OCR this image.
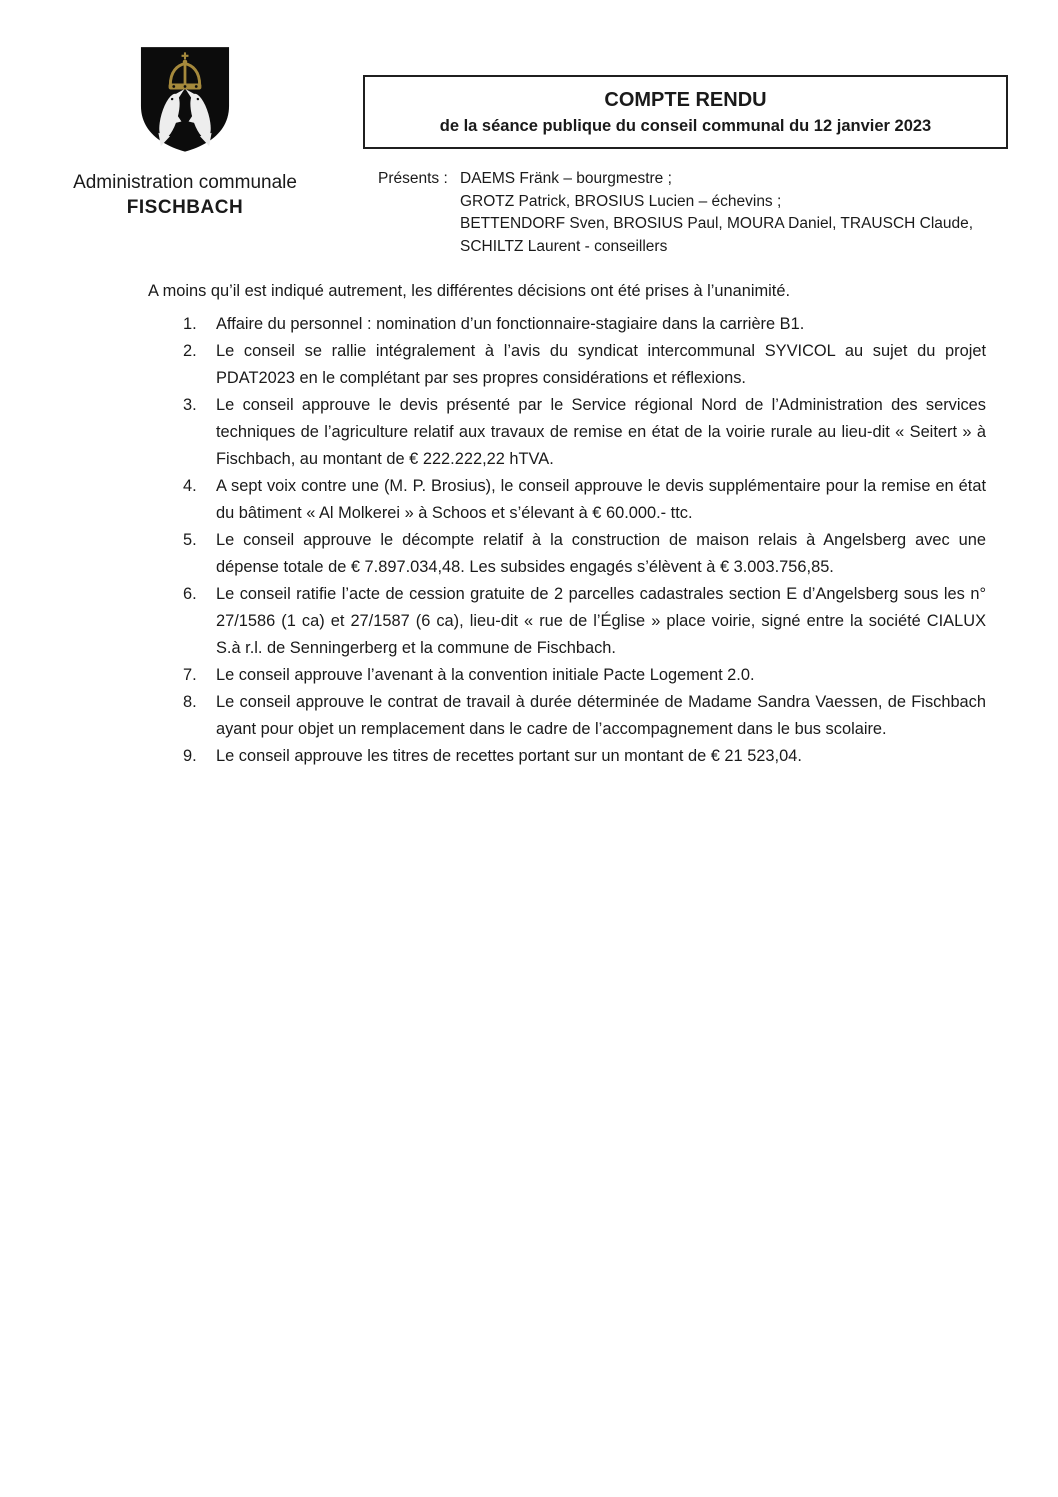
Administration communale
FISCHBACH
COMPTE RENDU
de la séance publique du conseil communal du 12 janvier 2023
Présents : DAEMS Fränk – bourgmestre ;
GROTZ Patrick, BROSIUS Lucien – échevins ;
BETTENDORF Sven, BROSIUS Paul, MOURA Daniel, TRAUSCH Claude,
SCHILTZ Laurent - conseillers
A moins qu’il est indiqué autrement, les différentes décisions ont été prises à l’unanimité.
1.	Affaire du personnel : nomination d’un fonctionnaire-stagiaire dans la carrière B1.
2.	Le conseil se rallie intégralement à l’avis du syndicat intercommunal SYVICOL au sujet du projet PDAT2023 en le complétant par ses propres considérations et réflexions.
3.	Le conseil approuve le devis présenté par le Service régional Nord de l’Administration des services techniques de l’agriculture relatif aux travaux de remise en état de la voirie rurale au lieu-dit « Seitert » à Fischbach, au montant de € 222.222,22 hTVA.
4.	A sept voix contre une (M. P. Brosius), le conseil approuve le devis supplémentaire pour la remise en état du bâtiment « Al Molkerei » à Schoos et s’élevant à € 60.000.- ttc.
5.	Le conseil approuve le décompte relatif à la construction de maison relais à Angelsberg avec une dépense totale de € 7.897.034,48. Les subsides engagés s’élèvent à € 3.003.756,85.
6.	Le conseil ratifie l’acte de cession gratuite de 2 parcelles cadastrales section E d’Angelsberg sous les n° 27/1586 (1 ca) et 27/1587 (6 ca), lieu-dit « rue de l’Église » place voirie, signé entre la société CIALUX S.à r.l. de Senningerberg et la commune de Fischbach.
7.	Le conseil approuve l’avenant à la convention initiale Pacte Logement 2.0.
8.	Le conseil approuve le contrat de travail à durée déterminée de Madame Sandra Vaessen, de Fischbach ayant pour objet un remplacement dans le cadre de l’accompagnement dans le bus scolaire.
9.	Le conseil approuve les titres de recettes portant sur un montant de € 21 523,04.
